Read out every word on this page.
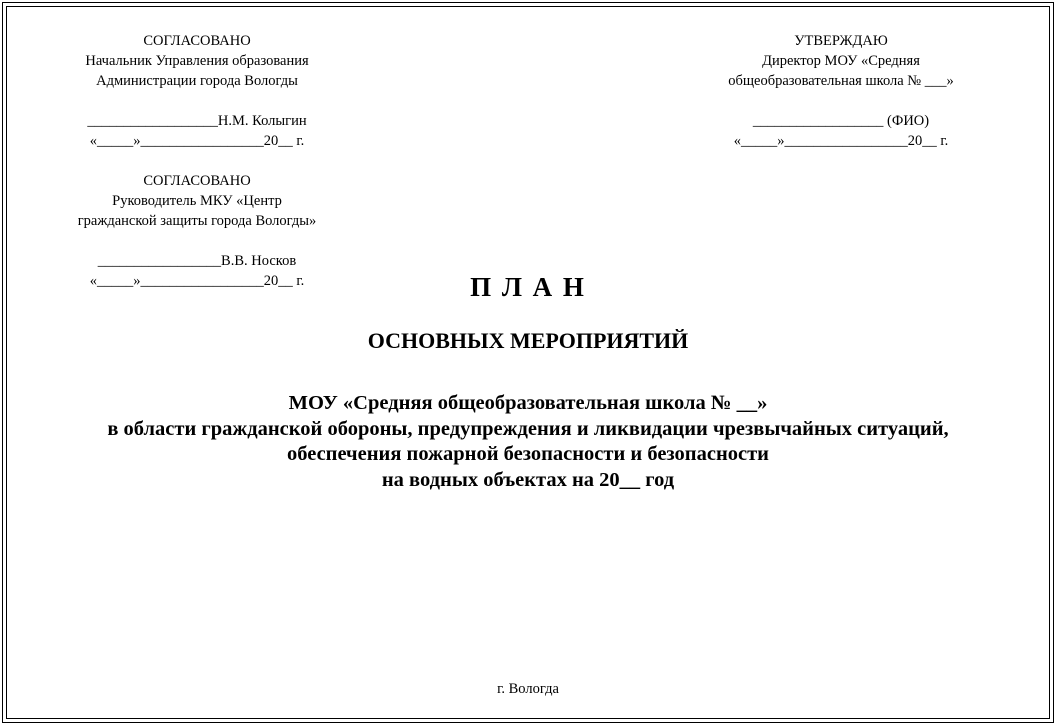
СОГЛАСОВАНО
Начальник Управления образования
Администрации города Вологды
__________________Н.М. Колыгин
«_____»_________________20__ г.
СОГЛАСОВАНО
Руководитель МКУ «Центр
гражданской защиты города Вологды»
_________________В.В. Носков
«_____»_________________20__ г.
УТВЕРЖДАЮ
Директор МОУ «Средняя
общеобразовательная школа № ___»
__________________ (ФИО)
«_____»_________________20__ г.
П Л А Н
ОСНОВНЫХ МЕРОПРИЯТИЙ
МОУ «Средняя общеобразовательная школа № __»
в области гражданской обороны, предупреждения и ликвидации чрезвычайных ситуаций,
обеспечения пожарной безопасности и безопасности
на водных объектах на 20__ год
г. Вологда
